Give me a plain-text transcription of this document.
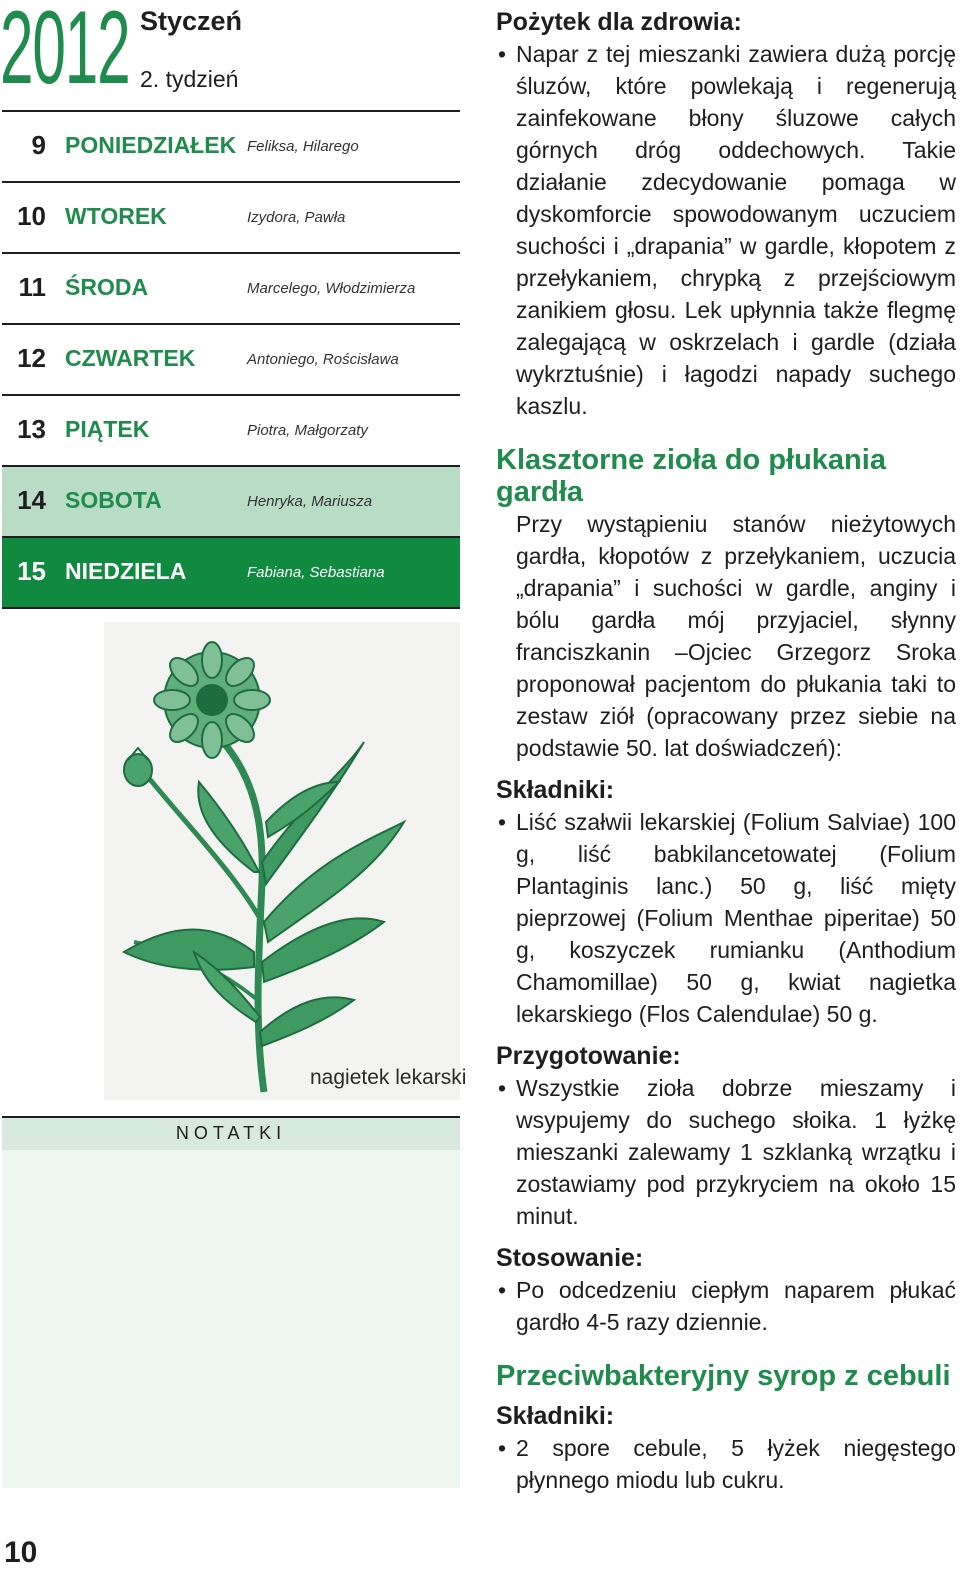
2012 Styczeń
2. tydzień
9 PONIEDZIAŁEK Feliksa, Hilarego
10 WTOREK	Izydora, Pawła
11 ŚRODA	Marcelego, Włodzimierza
12 CZWARTEK	Antoniego, Rościsława
13 PIĄTEK	Piotra, Małgorzaty
14 SOBOTA	Henryka, Mariusza
15 NIEDZIELA	Fabiana, Sebastiana
nagietek lekarski
NOTATKI
10

Pożytek dla zdrowia:

• Napar z tej mieszanki zawiera dużą porcję śluzów, które powlekają i regenerują zainfekowane błony śluzowe całych górnych dróg oddechowych. Takie działanie zdecydowanie pomaga w dyskomforcie spowodowanym uczuciem suchości i „drapania” w gardle, kłopotem z przełykaniem, chrypką z przejściowym zanikiem głosu. Lek upłynnia także flegmę zalegającą w oskrzelach i gardle (działa wykrztuśnie) i łagodzi napady suchego kaszlu.

Klasztorne zioła do płukania gardła

Przy wystąpieniu stanów nieżytowych gardła, kłopotów z przełykaniem, uczucia „drapania” i suchości w gardle, anginy i bólu gardła mój przyjaciel, słynny franciszkanin –Ojciec Grzegorz Sroka proponował pacjentom do płukania taki to zestaw ziół (opracowany przez siebie na podstawie 50. lat doświadczeń):

Składniki:

• Liść szałwii lekarskiej (Folium Salviae) 100 g, liść babkilancetowatej (Folium Plantaginis lanc.) 50 g, liść mięty pieprzowej (Folium Menthae piperitae) 50 g, koszyczek rumianku (Anthodium Chamomillae) 50 g, kwiat nagietka lekarskiego (Flos Calendulae) 50 g.

Przygotowanie:

• Wszystkie zioła dobrze mieszamy i wsypujemy do suchego słoika. 1 łyżkę mieszanki zalewamy 1 szklanką wrzątku i zostawiamy pod przykryciem na około 15 minut.

Stosowanie:

• Po odcedzeniu ciepłym naparem płukać gardło 4-5 razy dziennie.

Przeciwbakteryjny syrop z cebuli

Składniki:

• 2 spore cebule, 5 łyżek niegęstego płynnego miodu lub cukru.
